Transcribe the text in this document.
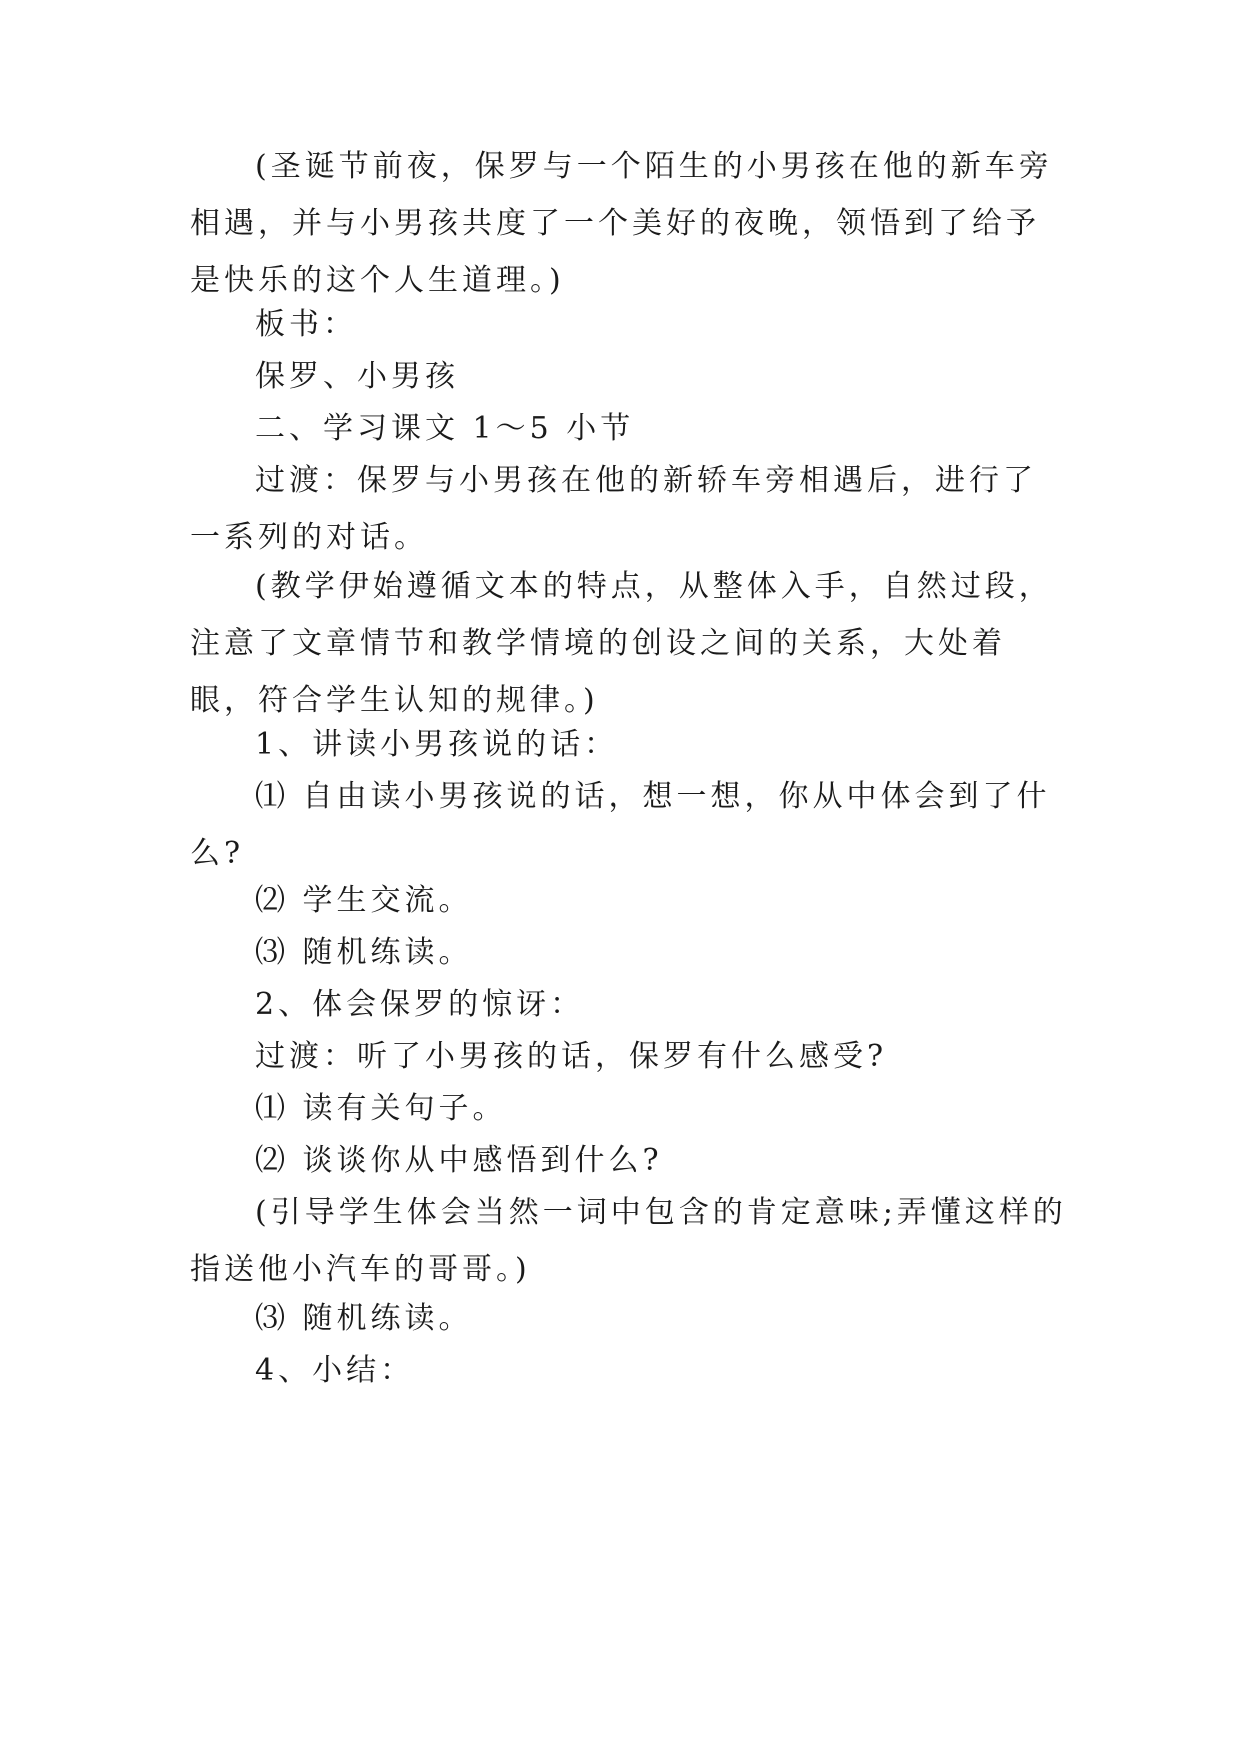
(圣诞节前夜，保罗与一个陌生的小男孩在他的新车旁相遇，并与小男孩共度了一个美好的夜晚，领悟到了给予是快乐的这个人生道理。)

板书：

保罗、小男孩

二、学习课文 1～5 小节

过渡：保罗与小男孩在他的新轿车旁相遇后，进行了一系列的对话。

(教学伊始遵循文本的特点，从整体入手，自然过段，注意了文章情节和教学情境的创设之间的关系，大处着眼，符合学生认知的规律。)

1、讲读小男孩说的话：

⑴ 自由读小男孩说的话，想一想，你从中体会到了什么?

⑵ 学生交流。

⑶ 随机练读。

2、体会保罗的惊讶：

过渡：听了小男孩的话，保罗有什么感受?

⑴ 读有关句子。

⑵ 谈谈你从中感悟到什么?

(引导学生体会当然一词中包含的肯定意味;弄懂这样的指送他小汽车的哥哥。)

⑶ 随机练读。

4、小结：
